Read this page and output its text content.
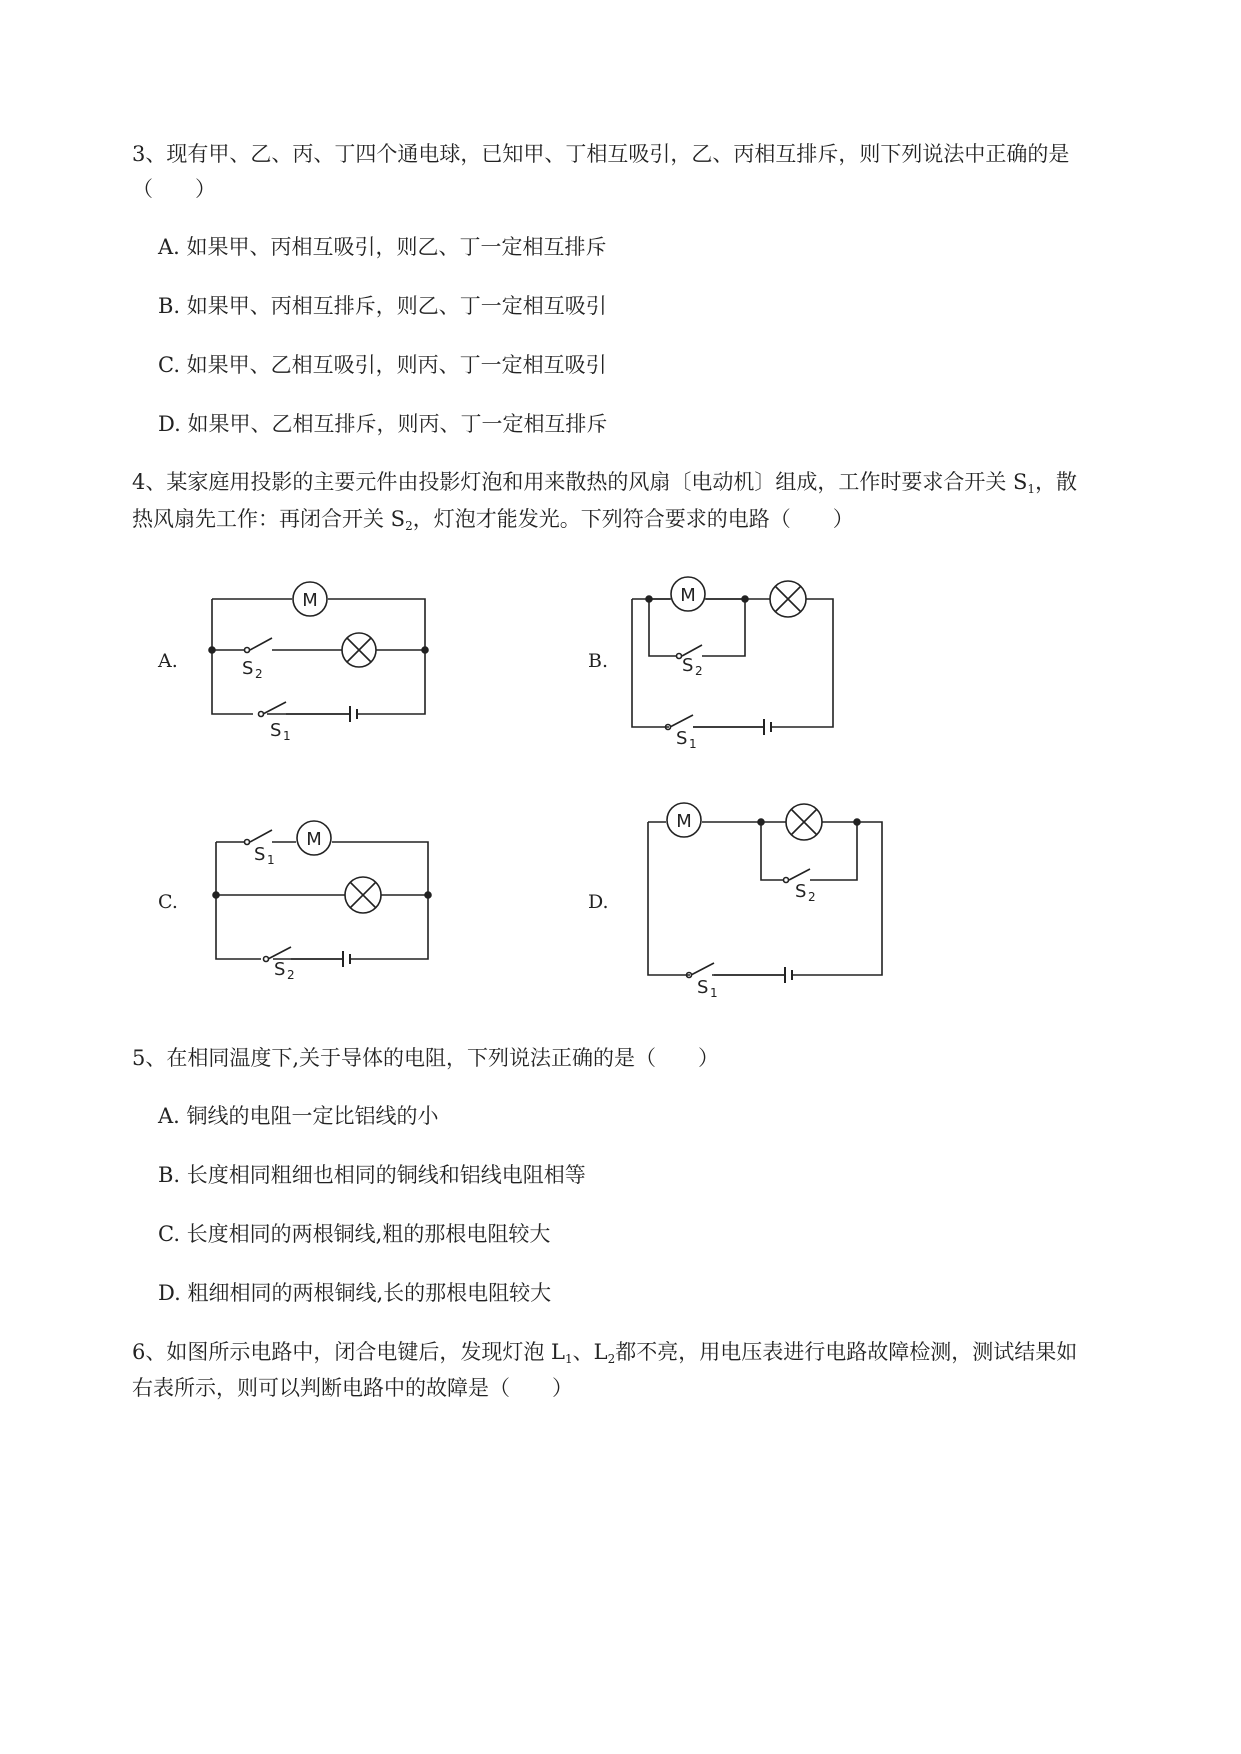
3、现有甲、乙、丙、丁四个通电球，已知甲、丁相互吸引，乙、丙相互排斥，则下列说法中正确的是
（　　）
A. 如果甲、丙相互吸引，则乙、丁一定相互排斥
B. 如果甲、丙相互排斥，则乙、丁一定相互吸引
C. 如果甲、乙相互吸引，则丙、丁一定相互吸引
D. 如果甲、乙相互排斥，则丙、丁一定相互排斥
4、某家庭用投影的主要元件由投影灯泡和用来散热的风扇〔电动机〕组成，工作时要求合开关 $S_1$，散
热风扇先工作：再闭合开关 $S_2$，灯泡才能发光。下列符合要求的电路（　　）
A.	B.
C.	D.
M
S 2
S 1
M
S 2
S 1
M
S 1
S 2
M
S 2
S 1
5、在相同温度下,关于导体的电阻，下列说法正确的是（　　）
A. 铜线的电阻一定比铝线的小
B. 长度相同粗细也相同的铜线和铝线电阻相等
C. 长度相同的两根铜线,粗的那根电阻较大
D. 粗细相同的两根铜线,长的那根电阻较大
6、如图所示电路中，闭合电键后，发现灯泡 $L_1$、$L_2$都不亮，用电压表进行电路故障检测，测试结果如
右表所示，则可以判断电路中的故障是（　　）
